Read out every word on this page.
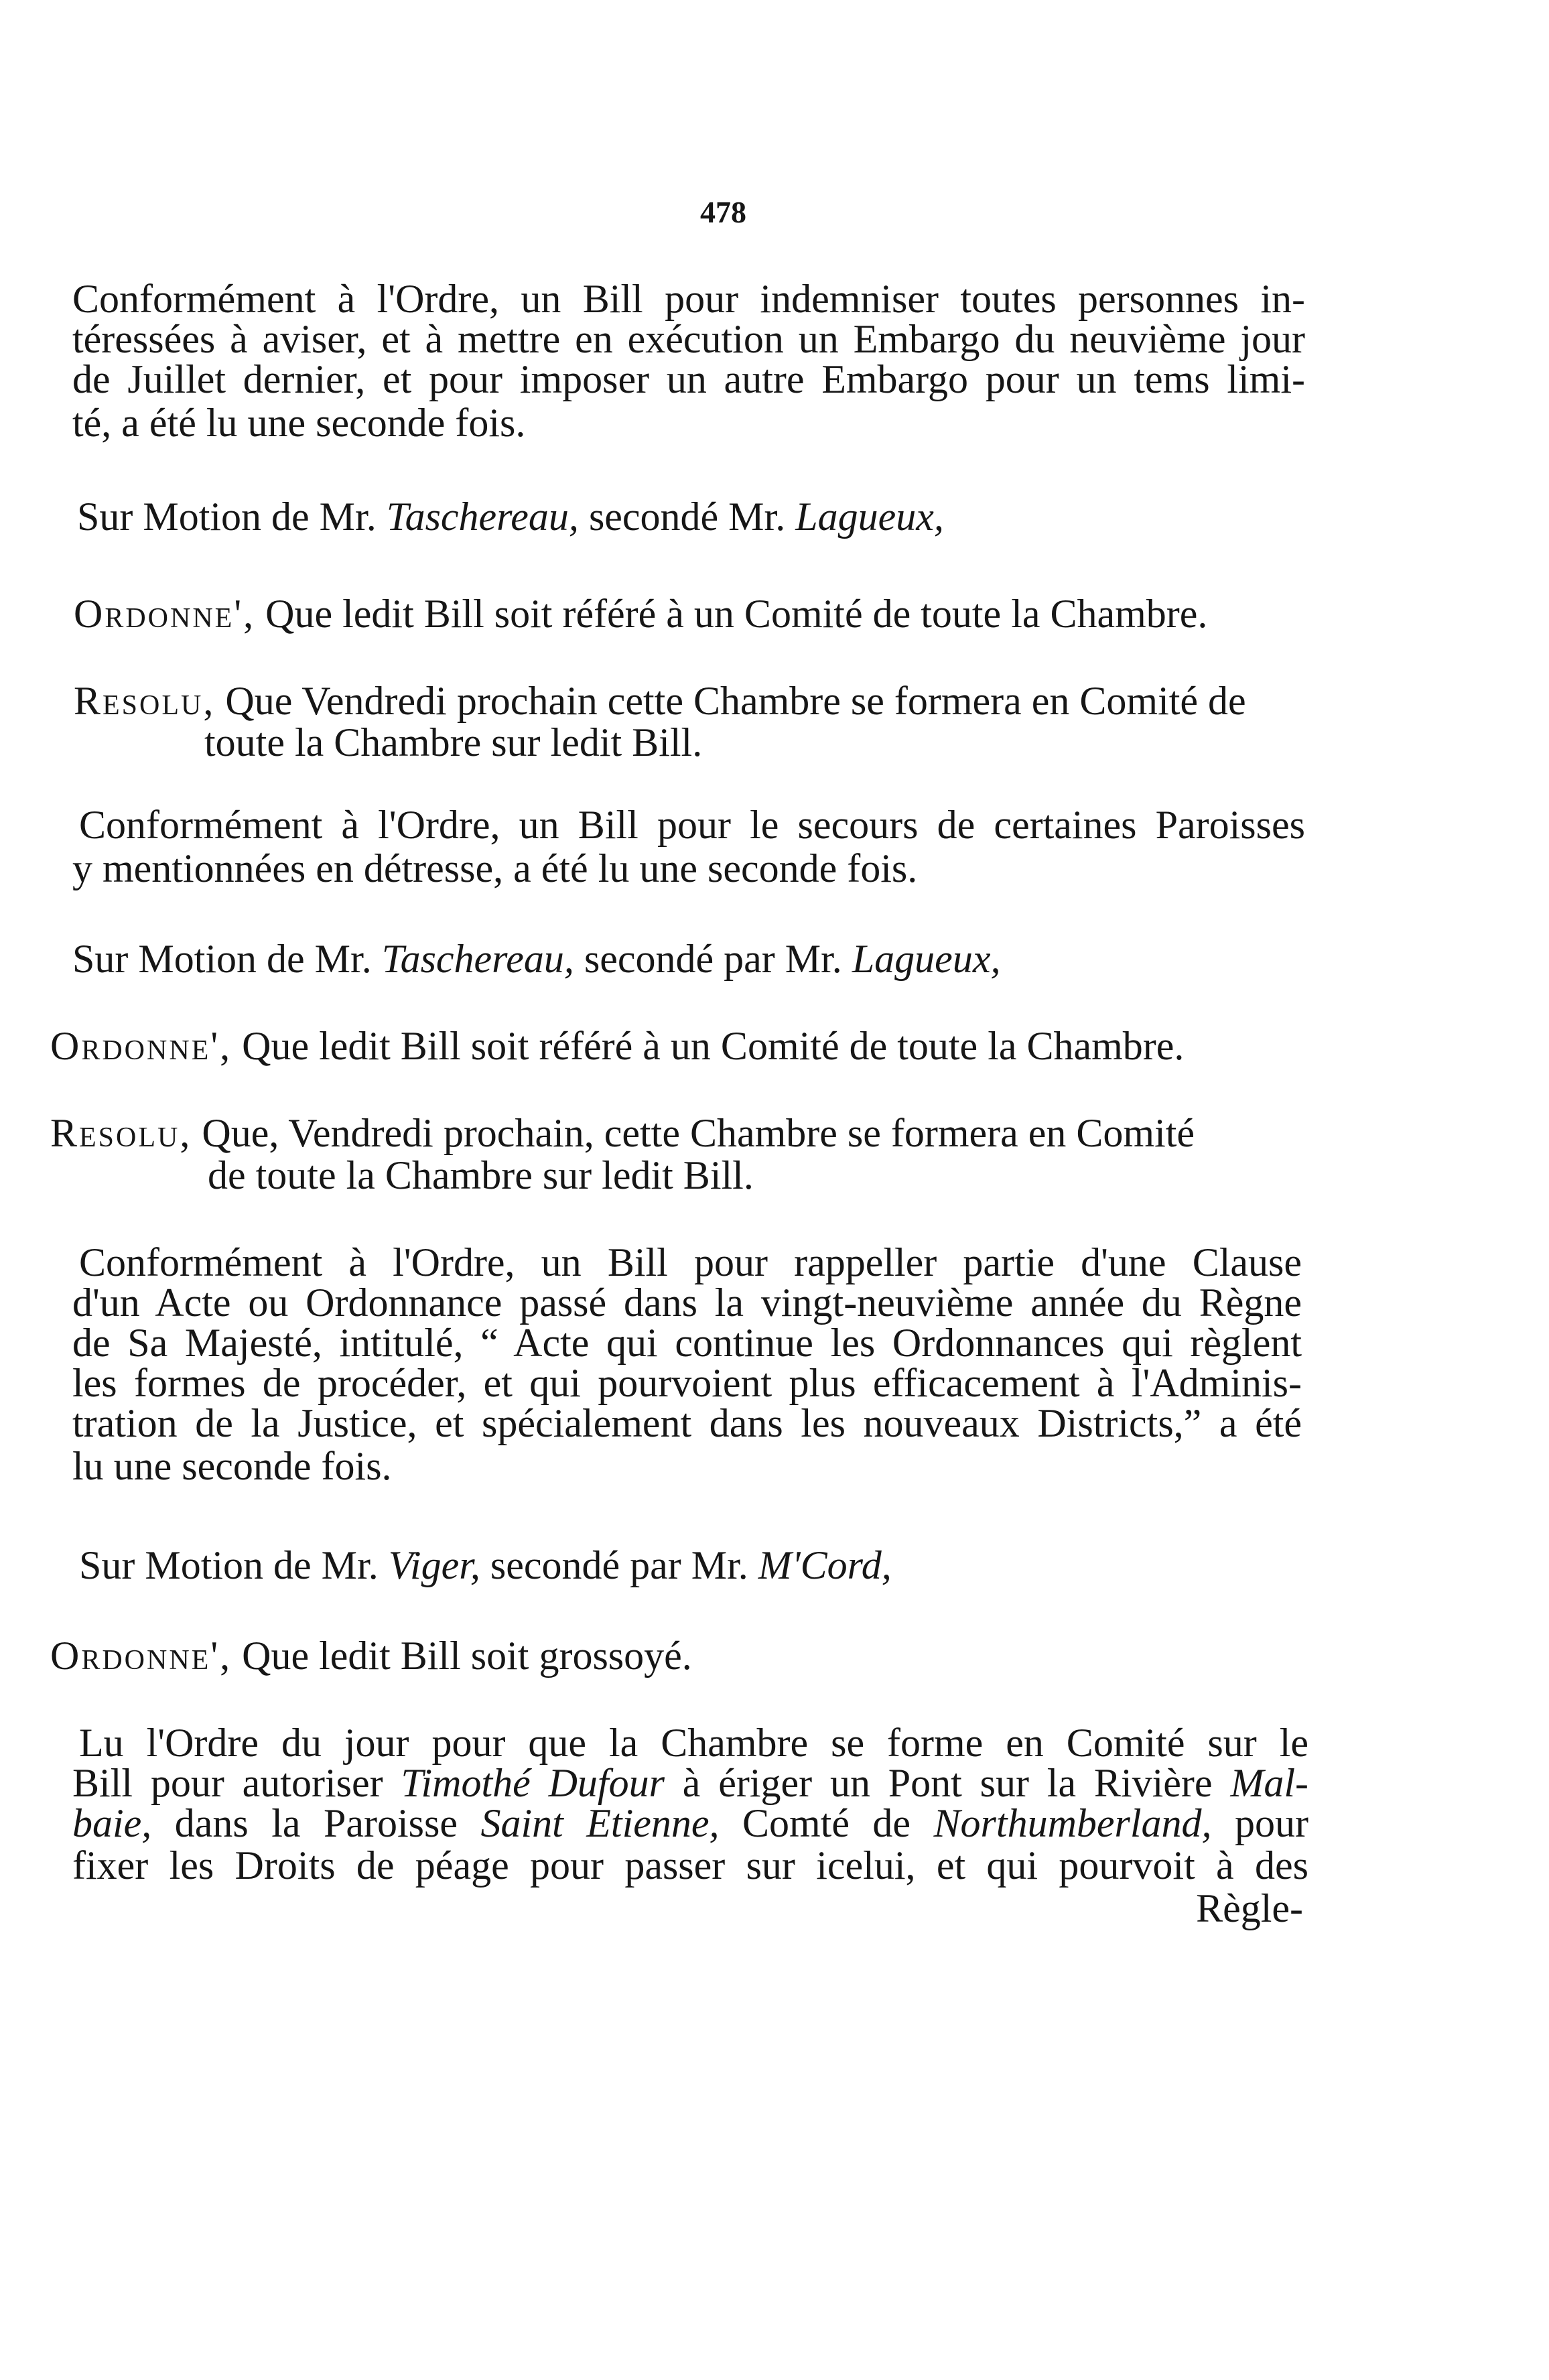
478
Conformément à l'Ordre, un Bill pour indemniser toutes personnes in-
téressées à aviser, et à mettre en exécution un Embargo du neuvième jour
de Juillet dernier, et pour imposer un autre Embargo pour un tems limi-
té, a été lu une seconde fois.
Sur Motion de Mr. Taschereau, secondé Mr. Lagueux,
Ordonne', Que ledit Bill soit référé à un Comité de toute la Chambre.
Resolu, Que Vendredi prochain cette Chambre se formera en Comité de
toute la Chambre sur ledit Bill.
Conformément à l'Ordre, un Bill pour le secours de certaines Paroisses
y mentionnées en détresse, a été lu une seconde fois.
Sur Motion de Mr. Taschereau, secondé par Mr. Lagueux,
Ordonne', Que ledit Bill soit référé à un Comité de toute la Chambre.
Resolu, Que, Vendredi prochain, cette Chambre se formera en Comité
de toute la Chambre sur ledit Bill.
Conformément à l'Ordre, un Bill pour rappeller partie d'une Clause
d'un Acte ou Ordonnance passé dans la vingt-neuvième année du Règne
de Sa Majesté, intitulé, “ Acte qui continue les Ordonnances qui règlent
les formes de procéder, et qui pourvoient plus efficacement à l'Adminis-
tration de la Justice, et spécialement dans les nouveaux Districts,” a été
lu une seconde fois.
Sur Motion de Mr. Viger, secondé par Mr. M'Cord,
Ordonne', Que ledit Bill soit grossoyé.
Lu l'Ordre du jour pour que la Chambre se forme en Comité sur le
Bill pour autoriser Timothé Dufour à ériger un Pont sur la Rivière Mal-
baie, dans la Paroisse Saint Etienne, Comté de Northumberland, pour
fixer les Droits de péage pour passer sur icelui, et qui pourvoit à des
Règle-
